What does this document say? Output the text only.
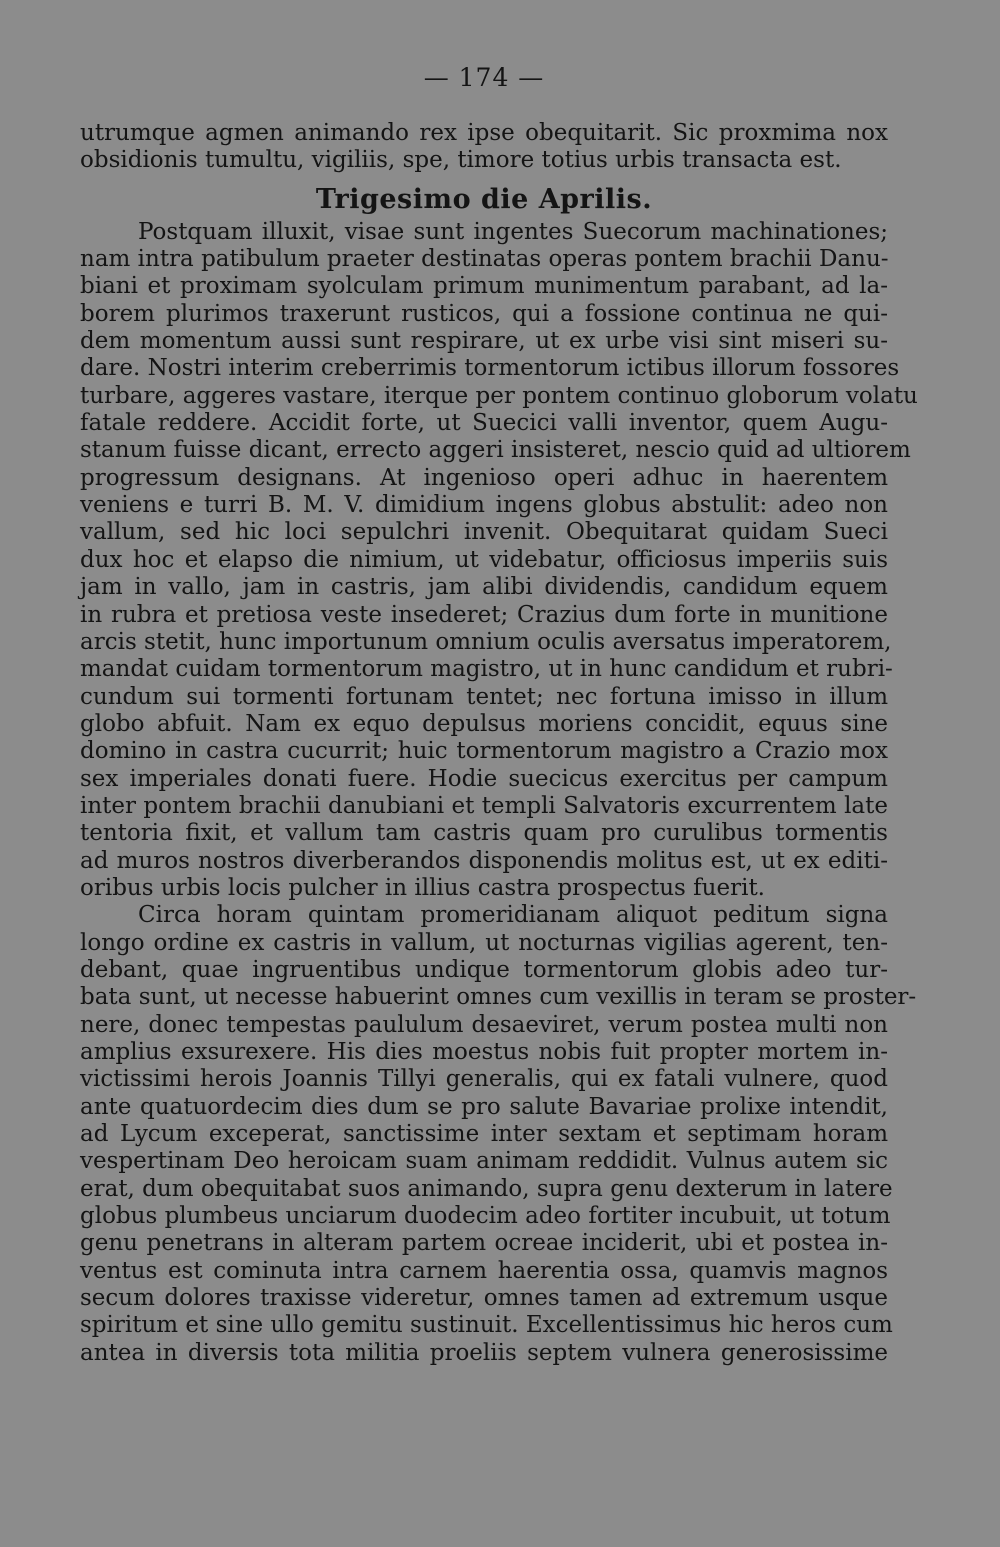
— 174 —
utrumque agmen animando rex ipse obequitarit. Sic proxmima nox
obsidionis tumultu, vigiliis, spe, timore totius urbis transacta est.
Trigesimo die Aprilis.
Postquam illuxit, visae sunt ingentes Suecorum machinationes;
nam intra patibulum praeter destinatas operas pontem brachii Danu-
biani et proximam syolculam primum munimentum parabant, ad la-
borem plurimos traxerunt rusticos, qui a fossione continua ne qui-
dem momentum aussi sunt respirare, ut ex urbe visi sint miseri su-
dare. Nostri interim creberrimis tormentorum ictibus illorum fossores
turbare, aggeres vastare, iterque per pontem continuo globorum volatu
fatale reddere. Accidit forte, ut Suecici valli inventor, quem Augu-
stanum fuisse dicant, errecto aggeri insisteret, nescio quid ad ultiorem
progressum designans. At ingenioso operi adhuc in haerentem
veniens e turri B. M. V. dimidium ingens globus abstulit: adeo non
vallum, sed hic loci sepulchri invenit. Obequitarat quidam Sueci
dux hoc et elapso die nimium, ut videbatur, officiosus imperiis suis
jam in vallo, jam in castris, jam alibi dividendis, candidum equem
in rubra et pretiosa veste insederet; Crazius dum forte in munitione
arcis stetit, hunc importunum omnium oculis aversatus imperatorem,
mandat cuidam tormentorum magistro, ut in hunc candidum et rubri-
cundum sui tormenti fortunam tentet; nec fortuna imisso in illum
globo abfuit. Nam ex equo depulsus moriens concidit, equus sine
domino in castra cucurrit; huic tormentorum magistro a Crazio mox
sex imperiales donati fuere. Hodie suecicus exercitus per campum
inter pontem brachii danubiani et templi Salvatoris excurrentem late
tentoria fixit, et vallum tam castris quam pro curulibus tormentis
ad muros nostros diverberandos disponendis molitus est, ut ex editi-
oribus urbis locis pulcher in illius castra prospectus fuerit.
Circa horam quintam promeridianam aliquot peditum signa
longo ordine ex castris in vallum, ut nocturnas vigilias agerent, ten-
debant, quae ingruentibus undique tormentorum globis adeo tur-
bata sunt, ut necesse habuerint omnes cum vexillis in teram se proster-
nere, donec tempestas paululum desaeviret, verum postea multi non
amplius exsurexere. His dies moestus nobis fuit propter mortem in-
victissimi herois Joannis Tillyi generalis, qui ex fatali vulnere, quod
ante quatuordecim dies dum se pro salute Bavariae prolixe intendit,
ad Lycum exceperat, sanctissime inter sextam et septimam horam
vespertinam Deo heroicam suam animam reddidit. Vulnus autem sic
erat, dum obequitabat suos animando, supra genu dexterum in latere
globus plumbeus unciarum duodecim adeo fortiter incubuit, ut totum
genu penetrans in alteram partem ocreae inciderit, ubi et postea in-
ventus est cominuta intra carnem haerentia ossa, quamvis magnos
secum dolores traxisse videretur, omnes tamen ad extremum usque
spiritum et sine ullo gemitu sustinuit. Excellentissimus hic heros cum
antea in diversis tota militia proeliis septem vulnera generosissime
